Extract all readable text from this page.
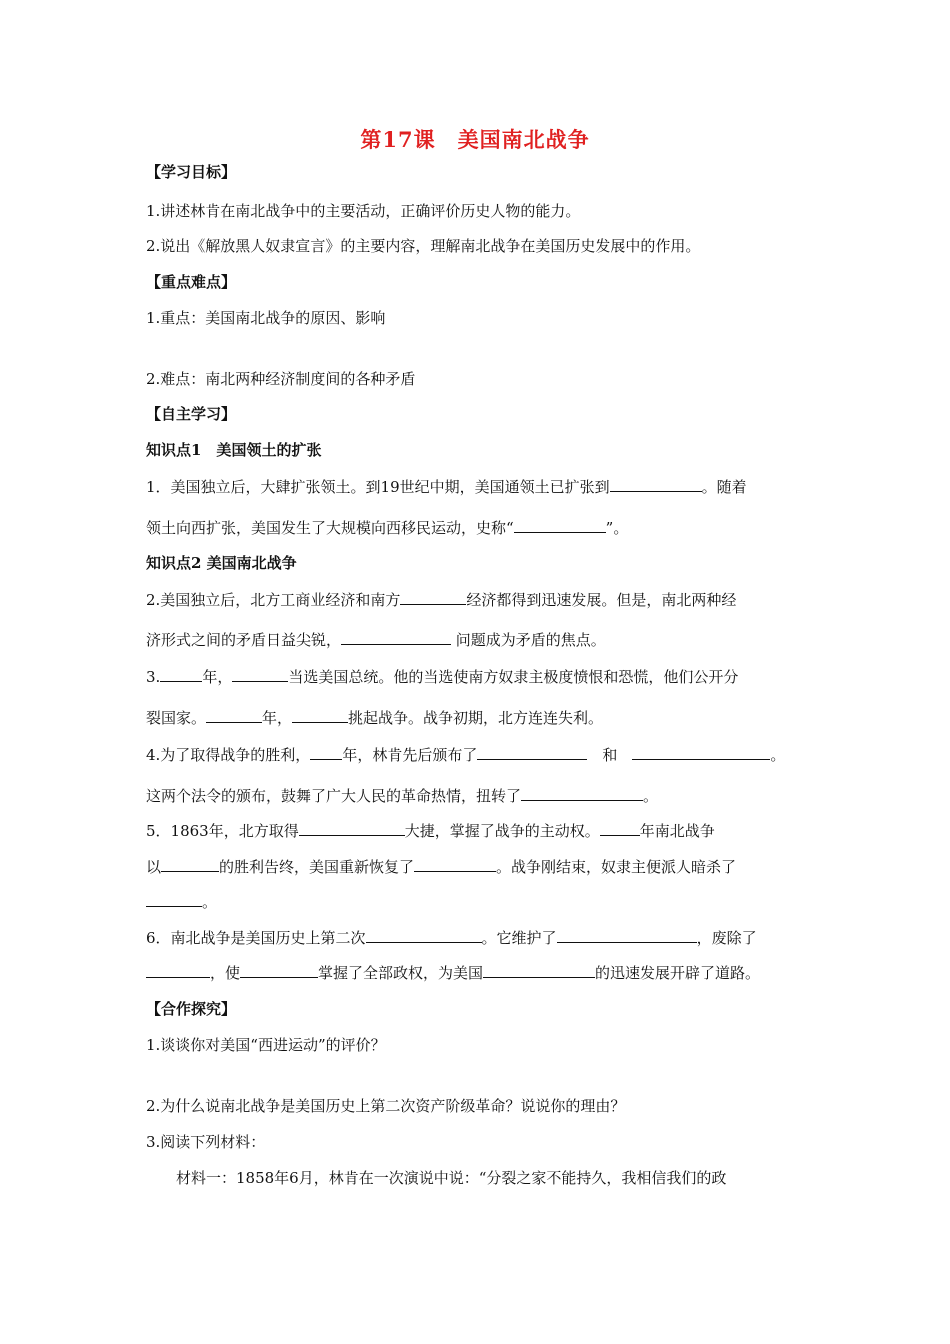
第17课　美国南北战争
【学习目标】
1.讲述林肯在南北战争中的主要活动，正确评价历史人物的能力。
2.说出《解放黑人奴隶宣言》的主要内容，理解南北战争在美国历史发展中的作用。
【重点难点】
1.重点：美国南北战争的原因、影响
2.难点：南北两种经济制度间的各种矛盾
【自主学习】
知识点1　美国领土的扩张
1．美国独立后，大肆扩张领土。到19世纪中期，美国通领土已扩张到	。随着
领土向西扩张，美国发生了大规模向西移民运动，史称“	”。
知识点2 美国南北战争
2.美国独立后，北方工商业经济和南方	经济都得到迅速发展。但是，南北两种经
济形式之间的矛盾日益尖锐，	问题成为矛盾的焦点。
3.	年，	当选美国总统。他的当选使南方奴隶主极度愤恨和恐慌，他们公开分
裂国家。	年，	挑起战争。战争初期，北方连连失利。
4.为了取得战争的胜利， 年，林肯先后颁布了　	和　	。
这两个法令的颁布，鼓舞了广大人民的革命热情，扭转了	。
5．1863年，北方取得	大捷，掌握了战争的主动权。	年南北战争
以	的胜利告终，美国重新恢复了	。战争刚结束，奴隶主便派人暗杀了
。
6．南北战争是美国历史上第二次	。它维护了	，废除了
，使	掌握了全部政权，为美国	的迅速发展开辟了道路。
【合作探究】
1.谈谈你对美国“西进运动”的评价？
2.为什么说南北战争是美国历史上第二次资产阶级革命？说说你的理由？
3.阅读下列材料：
材料一：1858年6月，林肯在一次演说中说：“分裂之家不能持久，我相信我们的政
